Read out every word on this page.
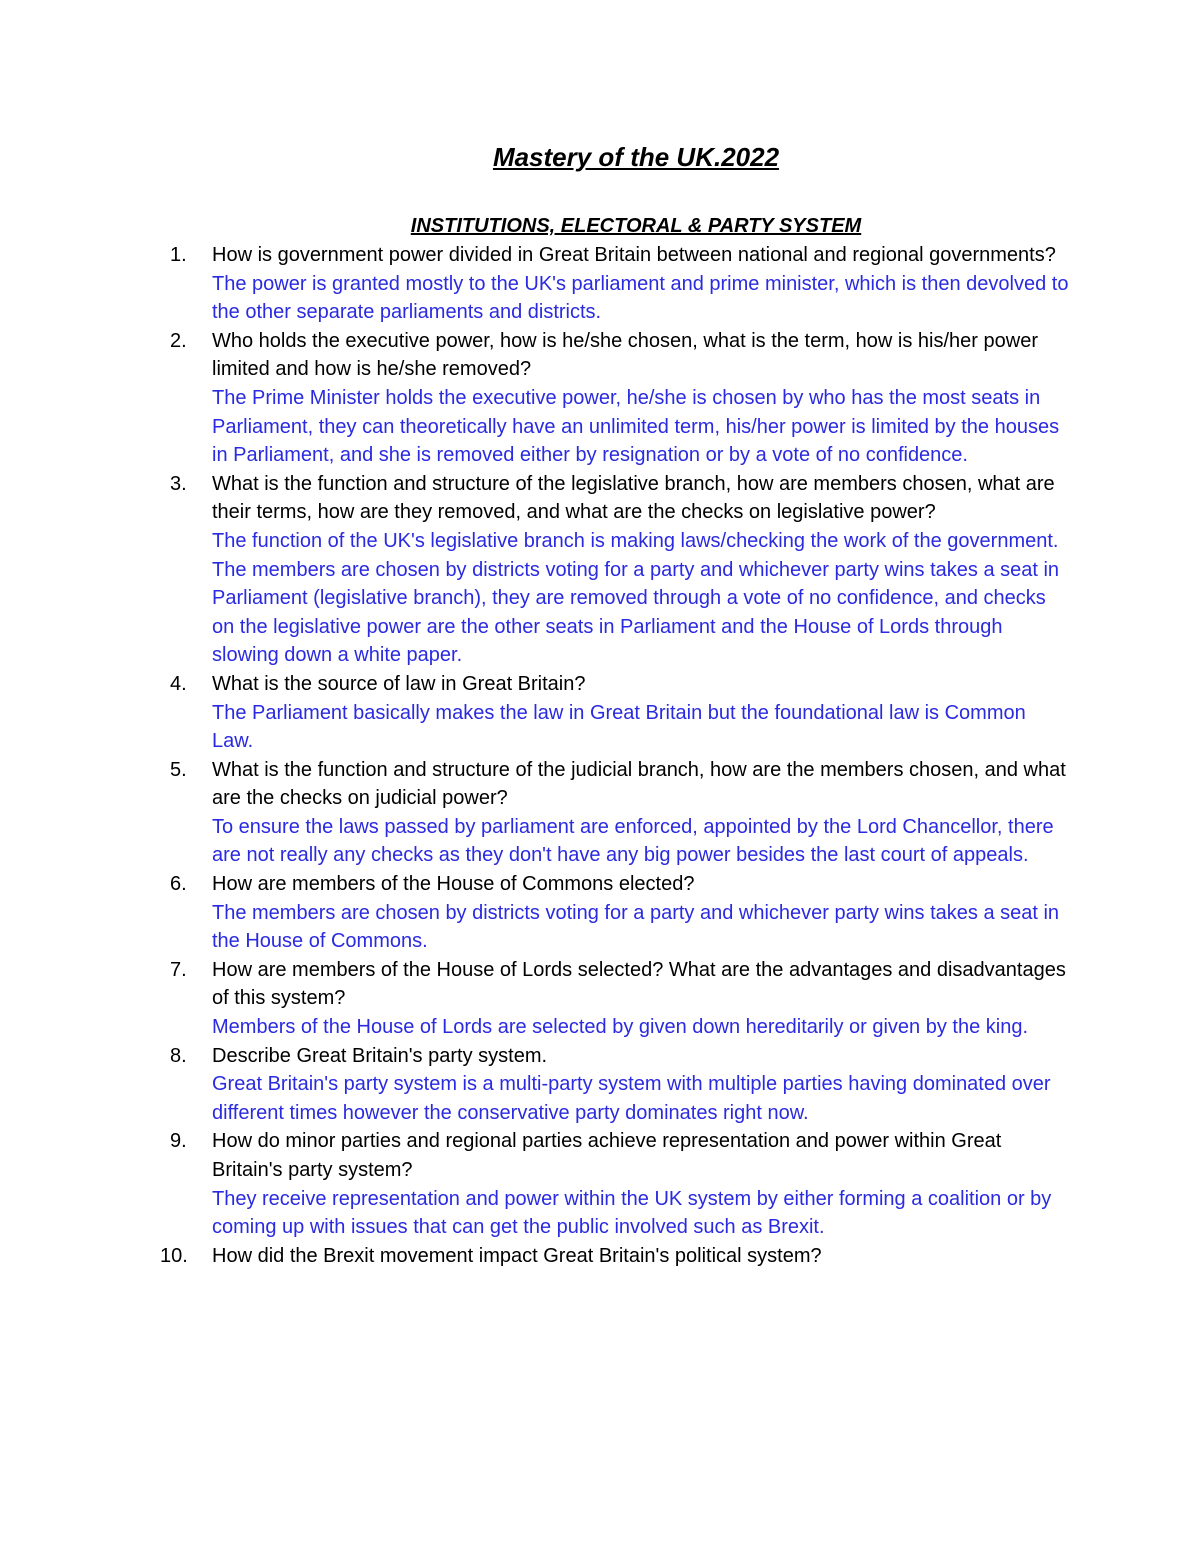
Mastery of the UK.2022
INSTITUTIONS, ELECTORAL & PARTY SYSTEM
1.	How is government power divided in Great Britain between national and regional governments?
The power is granted mostly to the UK's parliament and prime minister, which is then devolved to the other separate parliaments and districts.
2.	Who holds the executive power, how is he/she chosen, what is the term, how is his/her power limited and how is he/she removed?
The Prime Minister holds the executive power, he/she is chosen by who has the most seats in Parliament, they can theoretically have an unlimited term, his/her power is limited by the houses in Parliament, and she is removed either by resignation or by a vote of no confidence.
3.	What is the function and structure of the legislative branch, how are members chosen, what are their terms, how are they removed, and what are the checks on legislative power?
The function of the UK's legislative branch is making laws/checking the work of the government. The members are chosen by districts voting for a party and whichever party wins takes a seat in Parliament (legislative branch), they are removed through a vote of no confidence, and checks on the legislative power are the other seats in Parliament and the House of Lords through slowing down a white paper.
4.	What is the source of law in Great Britain?
The Parliament basically makes the law in Great Britain but the foundational law is Common Law.
5.	What is the function and structure of the judicial branch, how are the members chosen, and what are the checks on judicial power?
To ensure the laws passed by parliament are enforced, appointed by the Lord Chancellor, there are not really any checks as they don't have any big power besides the last court of appeals.
6.	How are members of the House of Commons elected?
The members are chosen by districts voting for a party and whichever party wins takes a seat in the House of Commons.
7.	How are members of the House of Lords selected? What are the advantages and disadvantages of this system?
Members of the House of Lords are selected by given down hereditarily or given by the king.
8.	Describe Great Britain's party system.
Great Britain's party system is a multi-party system with multiple parties having dominated over different times however the conservative party dominates right now.
9.	How do minor parties and regional parties achieve representation and power within Great Britain's party system?
They receive representation and power within the UK system by either forming a coalition or by coming up with issues that can get the public involved such as Brexit.
10.	How did the Brexit movement impact Great Britain's political system?
